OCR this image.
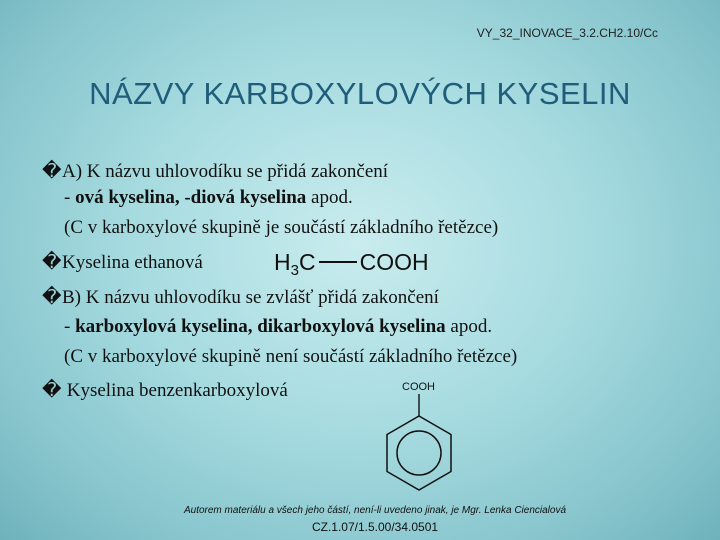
VY_32_INOVACE_3.2.CH2.10/Cc
NÁZVY KARBOXYLOVÝCH KYSELIN
�A) K názvu uhlovodíku se přidá zakončení
- ová kyselina, -diová kyselina apod.
(C v karboxylové skupině je součástí základního řetězce)
�Kyselina ethanová	$H_3C$ COOH
�B) K názvu uhlovodíku se zvlášť přidá zakončení
- karboxylová kyselina, dikarboxylová kyselina apod.
(C v karboxylové skupině není součástí základního řetězce)
� Kyselina benzenkarboxylová	COOH
Autorem materiálu a všech jeho částí, není-li uvedeno jinak, je Mgr. Lenka Ciencialová
CZ.1.07/1.5.00/34.0501
